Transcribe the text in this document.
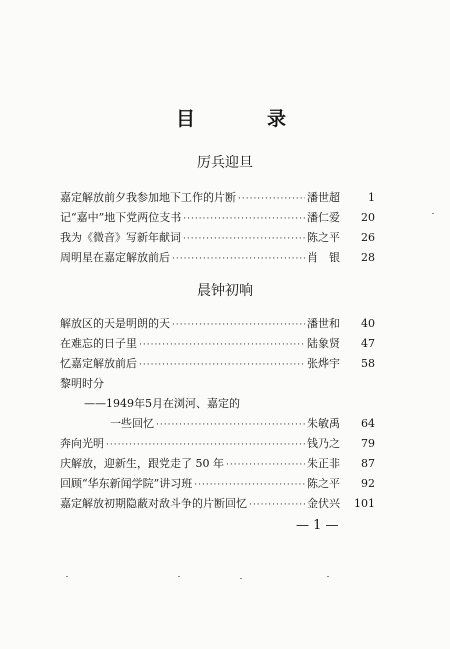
目	录
厉兵迎旦
嘉定解放前夕我参加地下工作的片断 ·····	潘世超	1
记“嘉中”地下党两位支书 ·····	潘仁爱	20
我为《微音》写新年献词 ·····	陈之平	26
周明星在嘉定解放前后 ·····	肖　银	28
晨钟初响
解放区的天是明朗的天 ·····	潘世和	40
在难忘的日子里 ·····	陆象贤	47
忆嘉定解放前后 ·····	张烨宇	58
黎明时分
——1949年5月在浏河、嘉定的
一些回忆 ·····	朱敏禹	64
奔向光明 ·····	钱乃之	79
庆解放，迎新生，跟党走了 50 年 ·····	朱正非	87
回顾“华东新闻学院”讲习班 ·····	陈之平	92
嘉定解放初期隐蔽对敌斗争的片断回忆 ·····	金伏兴	101
— 1 —
